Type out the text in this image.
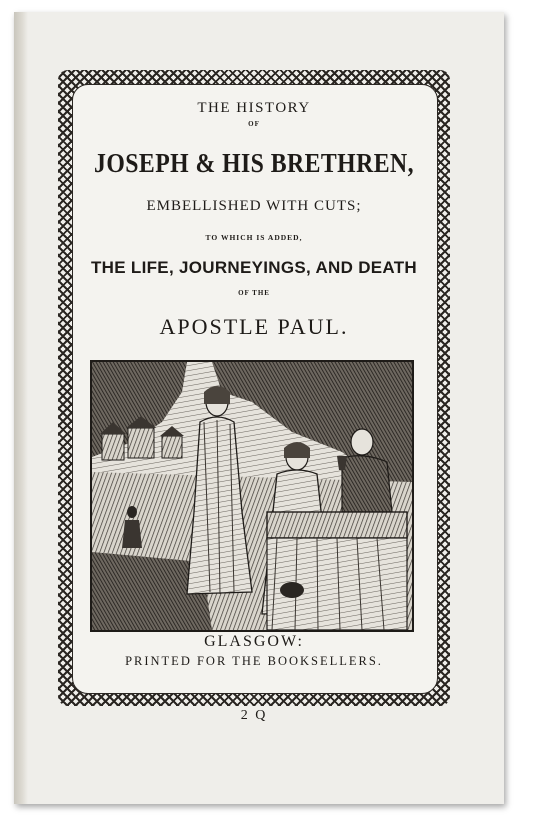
THE HISTORY
OF
JOSEPH & HIS BRETHREN,
EMBELLISHED WITH CUTS;
TO WHICH IS ADDED,
THE LIFE, JOURNEYINGS, AND DEATH
OF THE
APOSTLE PAUL.
GLASGOW:
PRINTED FOR THE BOOKSELLERS.
2 Q
